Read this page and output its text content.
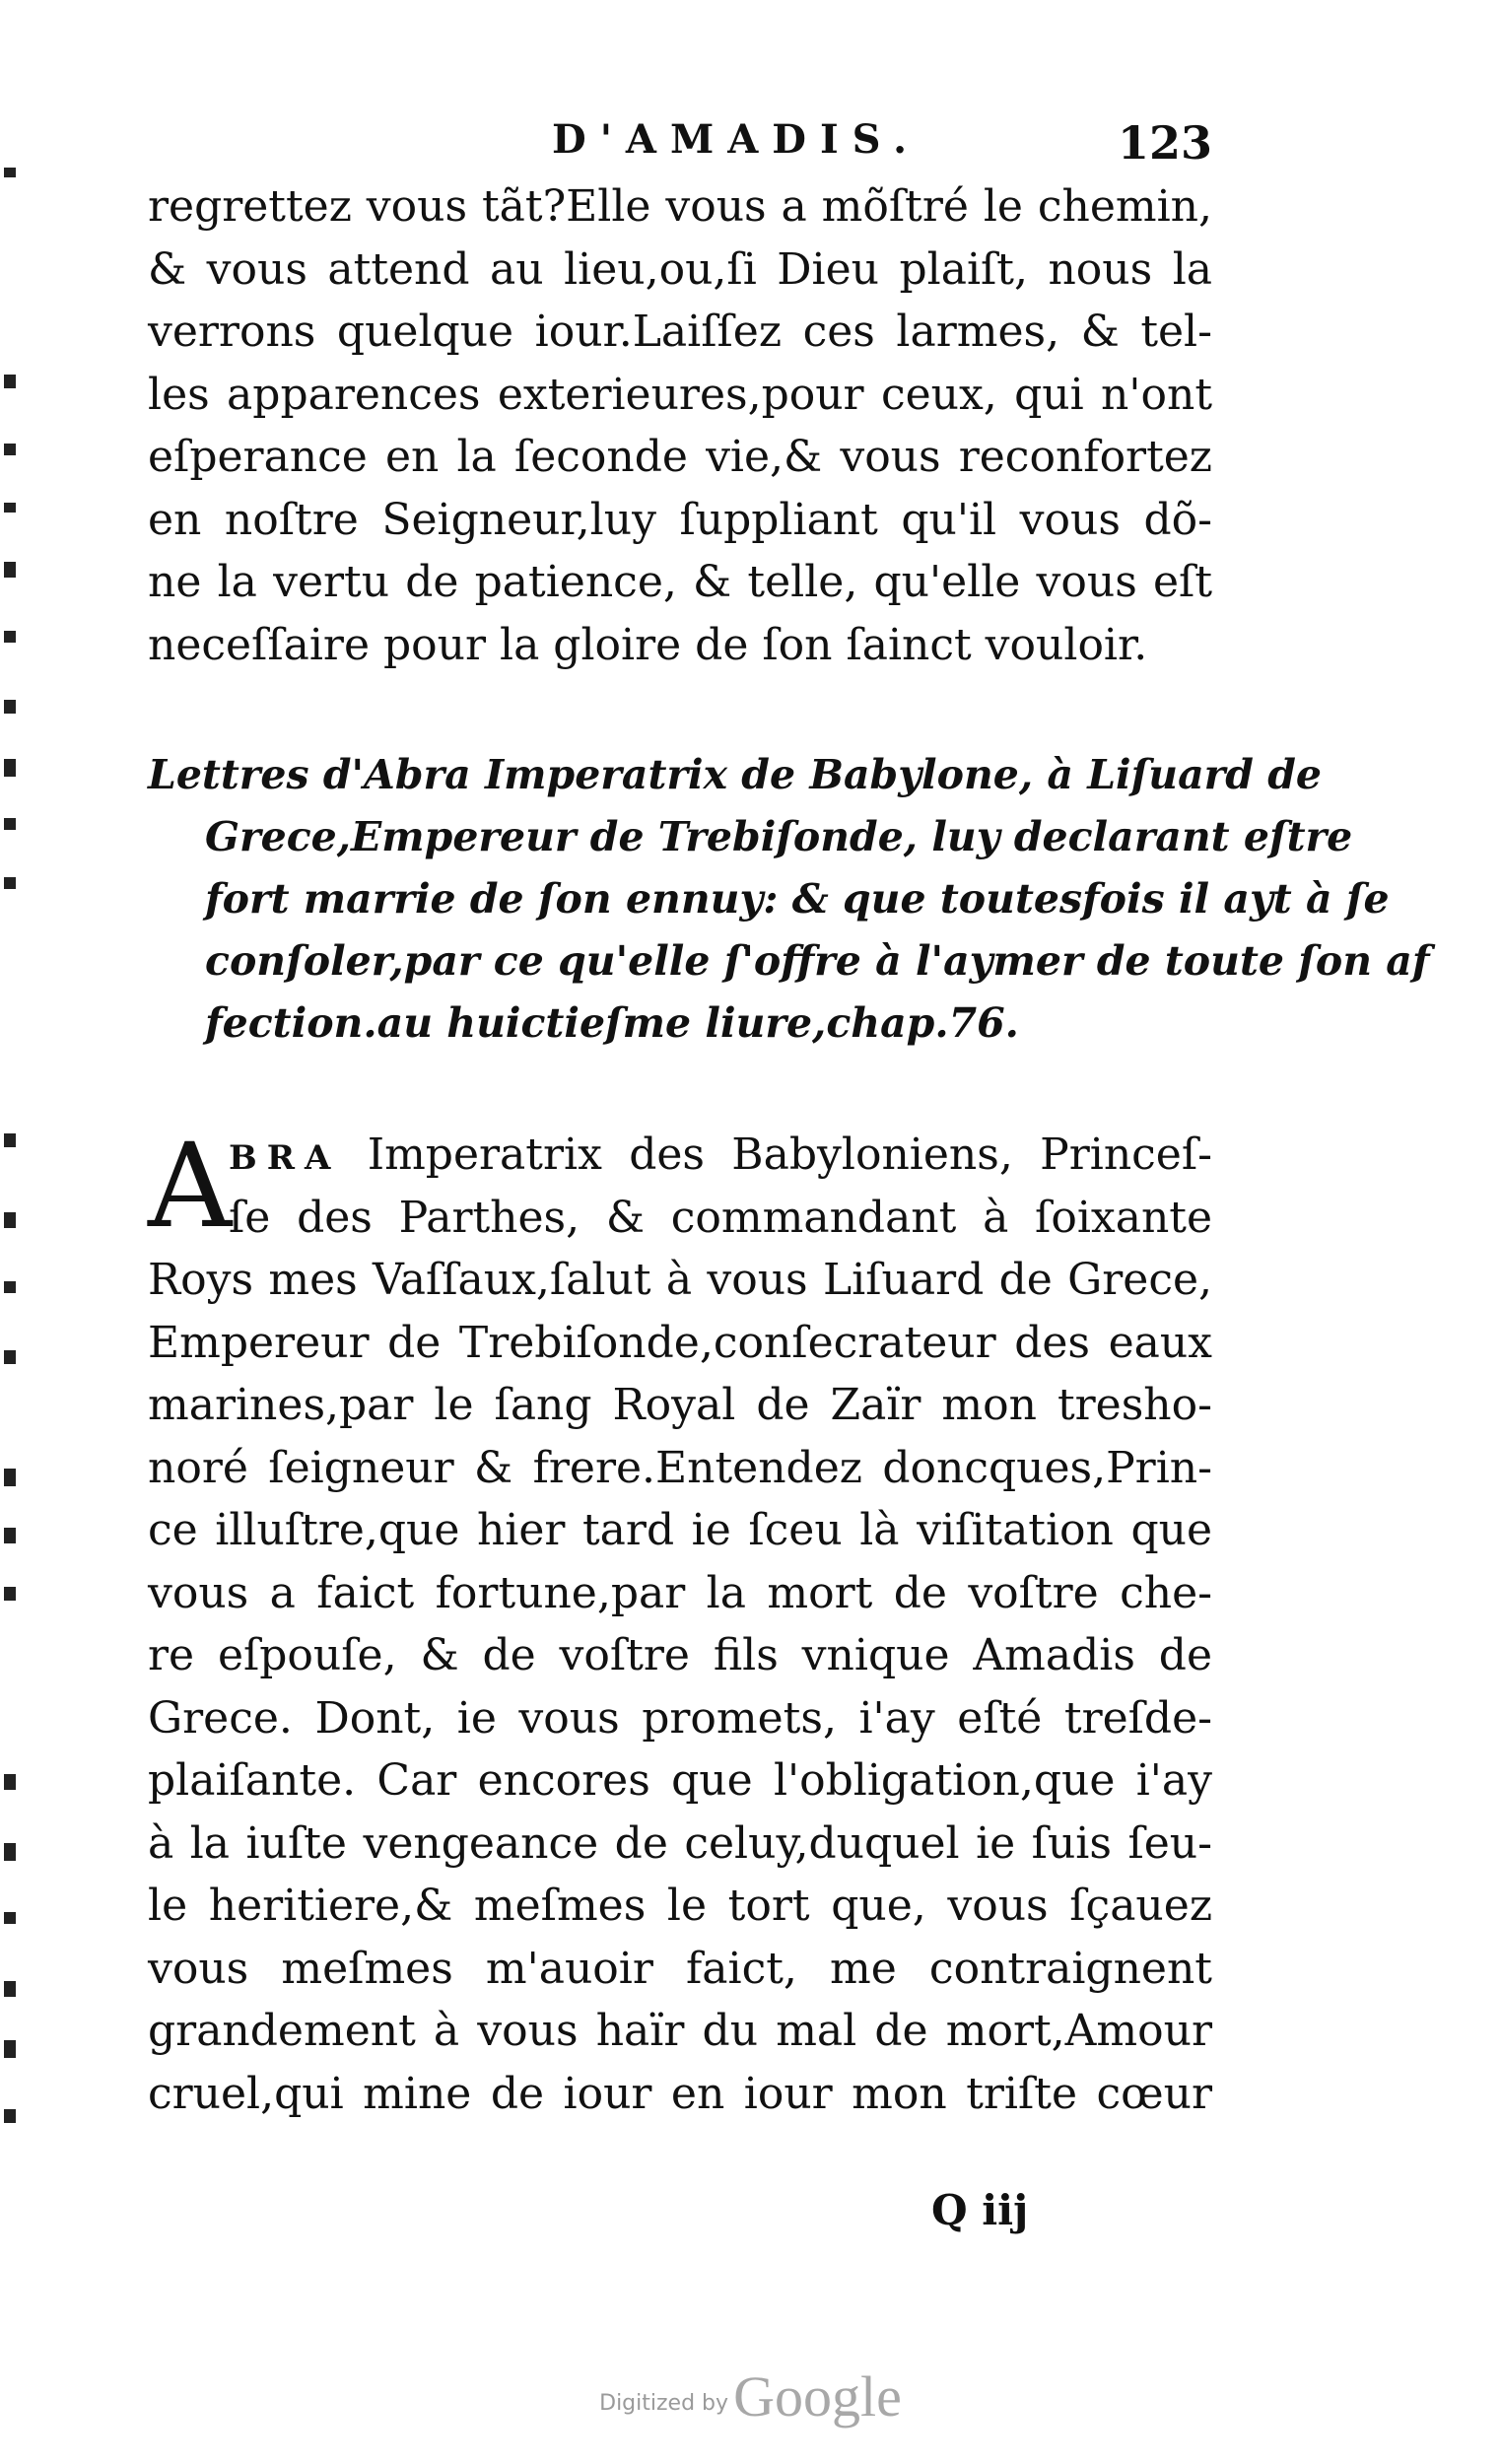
D'AMADIS.	123
regrettez vous tãt?Elle vous a mõſtré le chemin,
& vous attend au lieu,ou,ſi Dieu plaiſt, nous la
verrons quelque iour.Laiſſez ces larmes, & tel-
les apparences exterieures,pour ceux, qui n'ont
eſperance en la ſeconde vie,& vous reconfortez
en noſtre Seigneur,luy ſuppliant qu'il vous dõ-
ne la vertu de patience, & telle, qu'elle vous eſt
neceſſaire pour la gloire de ſon ſainct vouloir.
Lettres d'Abra Imperatrix de Babylone, à Liſuard de
Grece,Empereur de Trebiſonde, luy declarant eſtre
fort marrie de ſon ennuy: & que toutesfois il ayt à ſe
conſoler,par ce qu'elle ſ'offre à l'aymer de toute ſon af
fection.au huictieſme liure,chap.76.
A
BRA Imperatrix des Babyloniens, Princeſ-
ſe des Parthes, & commandant à ſoixante
Roys mes Vaſſaux,ſalut à vous Liſuard de Grece,
Empereur de Trebiſonde,conſecrateur des eaux
marines,par le ſang Royal de Zaïr mon tresho-
noré ſeigneur & frere.Entendez doncques,Prin-
ce illuſtre,que hier tard ie ſceu là viſitation que
vous a faict fortune,par la mort de voſtre che-
re eſpouſe, & de voſtre fils vnique Amadis de
Grece. Dont, ie vous promets, i'ay eſté treſde-
plaiſante. Car encores que l'obligation,que i'ay
à la iuſte vengeance de celuy,duquel ie ſuis ſeu-
le heritiere,& meſmes le tort que, vous ſçauez
vous meſmes m'auoir faict, me contraignent
grandement à vous haïr du mal de mort,Amour
cruel,qui mine de iour en iour mon triſte cœur
Q iij
Digitized by Google
